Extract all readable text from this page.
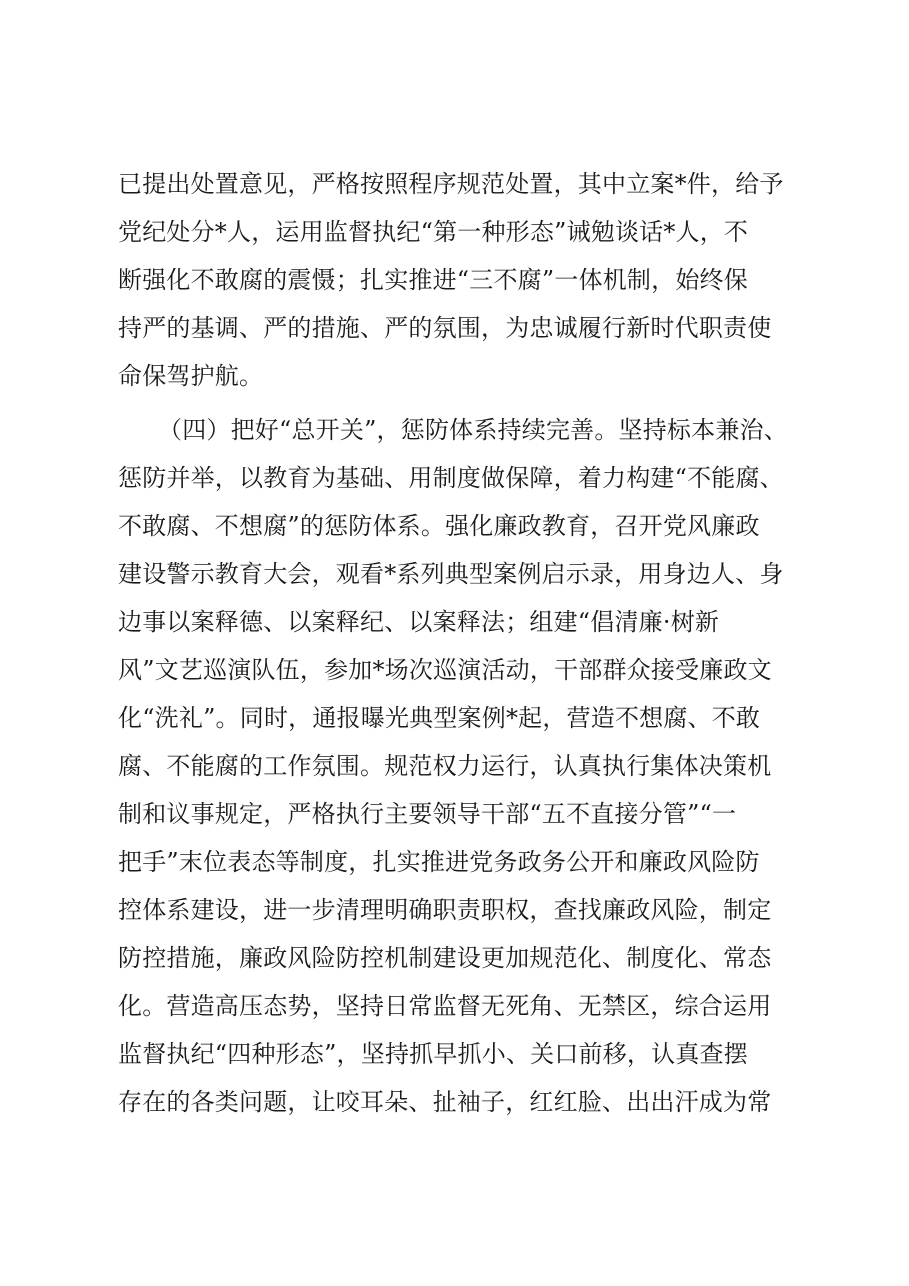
已提出处置意见，严格按照程序规范处置，其中立案*件，给予
党纪处分*人，运用监督执纪“第一种形态”诫勉谈话*人，不
断强化不敢腐的震慑；扎实推进“三不腐”一体机制，始终保
持严的基调、严的措施、严的氛围，为忠诚履行新时代职责使
命保驾护航。
（四）把好“总开关”，惩防体系持续完善。坚持标本兼治、
惩防并举，以教育为基础、用制度做保障，着力构建“不能腐、
不敢腐、不想腐”的惩防体系。强化廉政教育，召开党风廉政
建设警示教育大会，观看*系列典型案例启示录，用身边人、身
边事以案释德、以案释纪、以案释法；组建“倡清廉·树新
风”文艺巡演队伍，参加*场次巡演活动，干部群众接受廉政文
化“洗礼”。同时，通报曝光典型案例*起，营造不想腐、不敢
腐、不能腐的工作氛围。规范权力运行，认真执行集体决策机
制和议事规定，严格执行主要领导干部“五不直接分管”“一
把手”末位表态等制度，扎实推进党务政务公开和廉政风险防
控体系建设，进一步清理明确职责职权，查找廉政风险，制定
防控措施，廉政风险防控机制建设更加规范化、制度化、常态
化。营造高压态势，坚持日常监督无死角、无禁区，综合运用
监督执纪“四种形态”，坚持抓早抓小、关口前移，认真查摆
存在的各类问题，让咬耳朵、扯袖子，红红脸、出出汗成为常
